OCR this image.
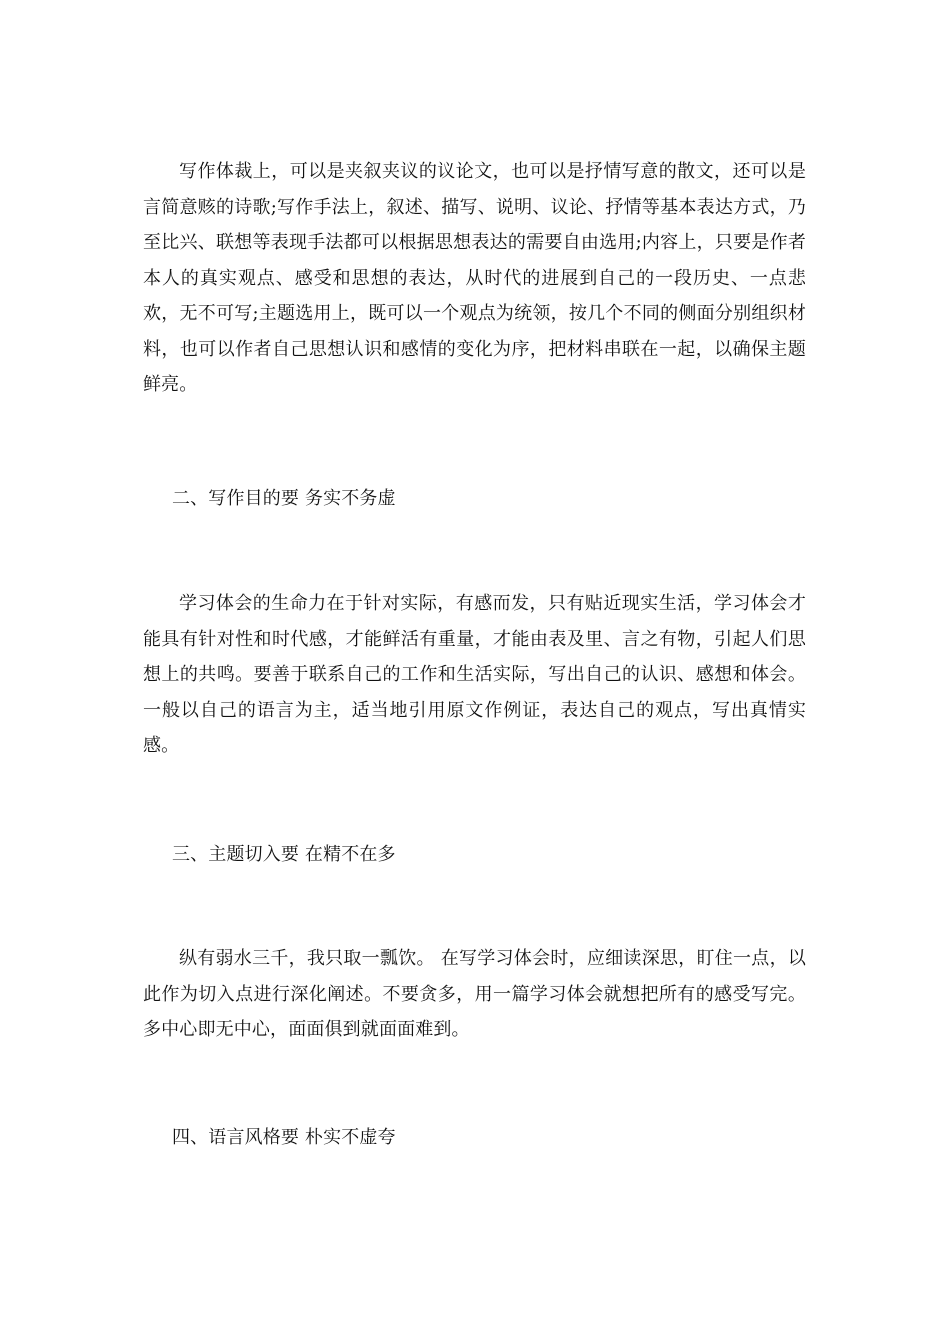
写作体裁上，可以是夹叙夹议的议论文，也可以是抒情写意的散文，还可以是言简意赅的诗歌;写作手法上，叙述、描写、说明、议论、抒情等基本表达方式，乃至比兴、联想等表现手法都可以根据思想表达的需要自由选用;内容上，只要是作者本人的真实观点、感受和思想的表达，从时代的进展到自己的一段历史、一点悲欢，无不可写;主题选用上，既可以一个观点为统领，按几个不同的侧面分别组织材料，也可以作者自己思想认识和感情的变化为序，把材料串联在一起，以确保主题鲜亮。

二、写作目的要 务实不务虚

学习体会的生命力在于针对实际，有感而发，只有贴近现实生活，学习体会才能具有针对性和时代感，才能鲜活有重量，才能由表及里、言之有物，引起人们思想上的共鸣。要善于联系自己的工作和生活实际，写出自己的认识、感想和体会。一般以自己的语言为主，适当地引用原文作例证，表达自己的观点，写出真情实感。

三、主题切入要 在精不在多

纵有弱水三千，我只取一瓢饮。 在写学习体会时，应细读深思，盯住一点，以此作为切入点进行深化阐述。不要贪多，用一篇学习体会就想把所有的感受写完。多中心即无中心，面面俱到就面面难到。

四、语言风格要 朴实不虚夸
